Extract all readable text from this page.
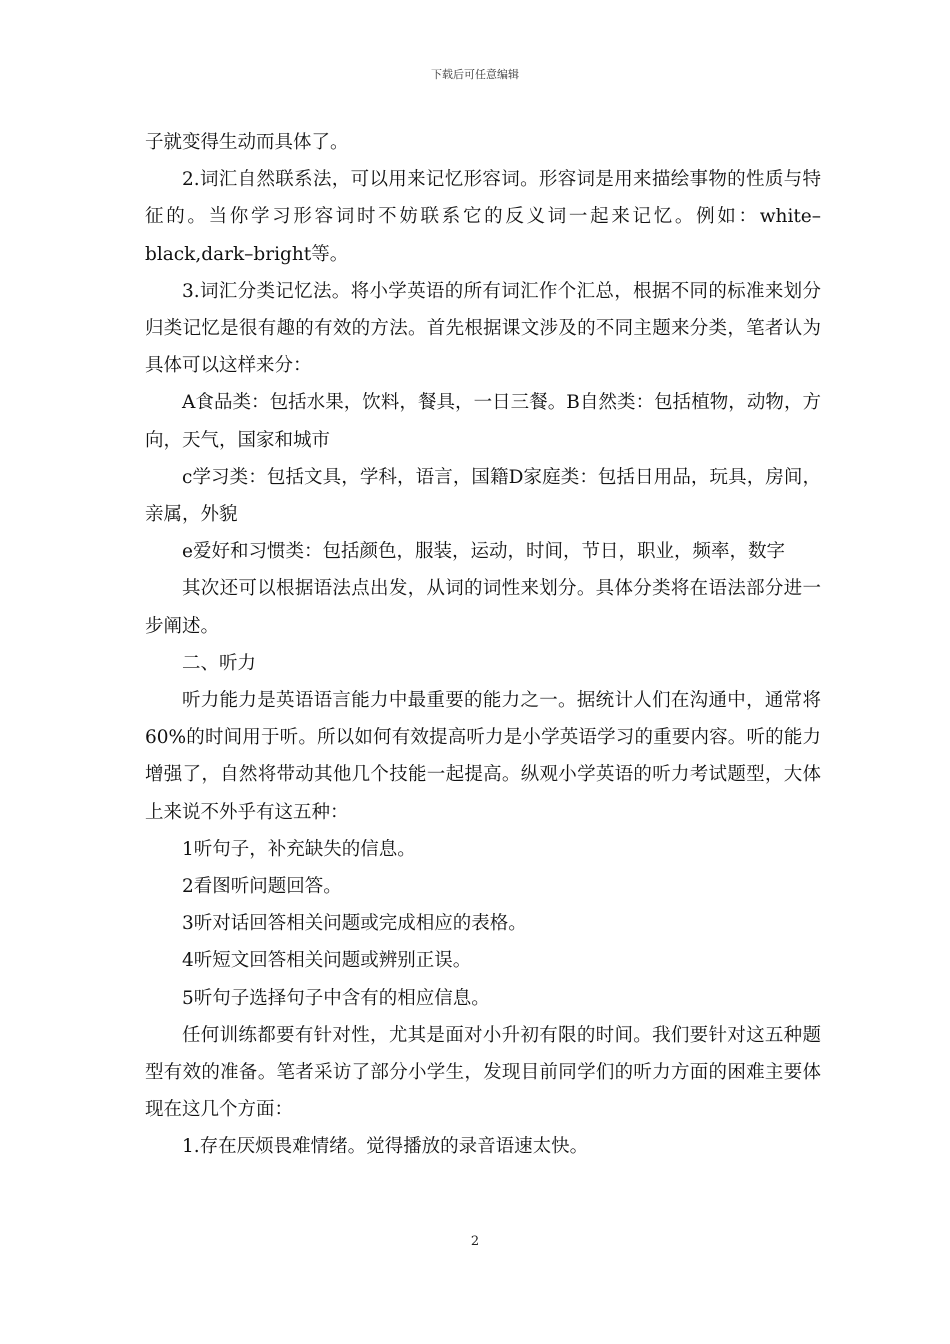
下载后可任意编辑

子就变得生动而具体了。

2.词汇自然联系法，可以用来记忆形容词。形容词是用来描绘事物的性质与特征的。当你学习形容词时不妨联系它的反义词一起来记忆。例如：white–black,dark–bright等。

3.词汇分类记忆法。将小学英语的所有词汇作个汇总，根据不同的标准来划分归类记忆是很有趣的有效的方法。首先根据课文涉及的不同主题来分类，笔者认为具体可以这样来分：

A食品类：包括水果，饮料，餐具，一日三餐。B自然类：包括植物，动物，方向，天气，国家和城市

c学习类：包括文具，学科，语言，国籍D家庭类：包括日用品，玩具，房间，亲属，外貌

e爱好和习惯类：包括颜色，服装，运动，时间，节日，职业，频率，数字

其次还可以根据语法点出发，从词的词性来划分。具体分类将在语法部分进一步阐述。

二、听力

听力能力是英语语言能力中最重要的能力之一。据统计人们在沟通中，通常将60%的时间用于听。所以如何有效提高听力是小学英语学习的重要内容。听的能力增强了，自然将带动其他几个技能一起提高。纵观小学英语的听力考试题型，大体上来说不外乎有这五种：

1听句子，补充缺失的信息。

2看图听问题回答。

3听对话回答相关问题或完成相应的表格。

4听短文回答相关问题或辨别正误。

5听句子选择句子中含有的相应信息。

任何训练都要有针对性，尤其是面对小升初有限的时间。我们要针对这五种题型有效的准备。笔者采访了部分小学生，发现目前同学们的听力方面的困难主要体现在这几个方面：

1.存在厌烦畏难情绪。觉得播放的录音语速太快。

2
